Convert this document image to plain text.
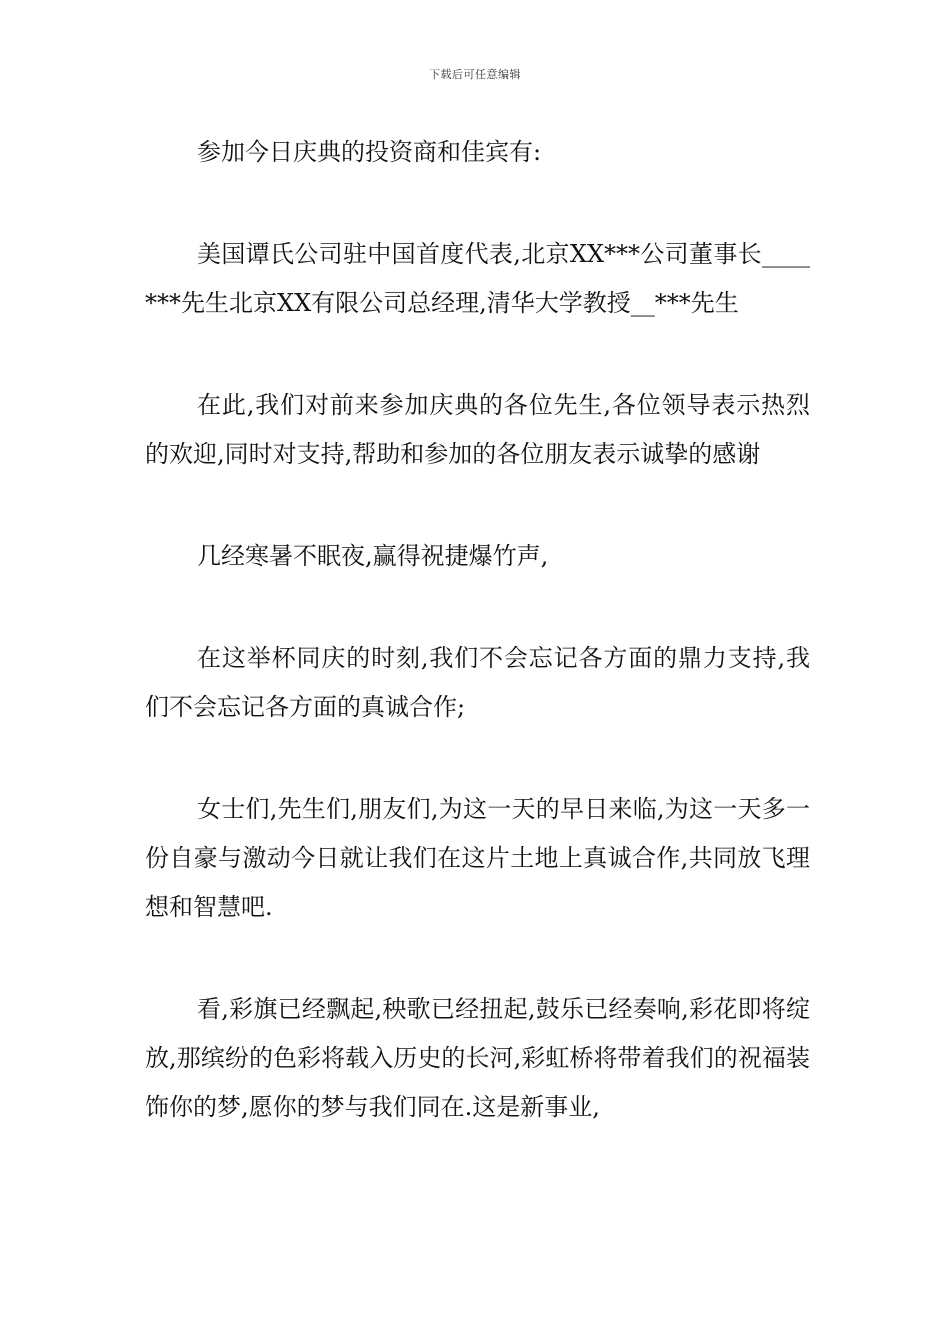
下载后可任意编辑

参加今日庆典的投资商和佳宾有:

美国谭氏公司驻中国首度代表,北京XX***公司董事长____***先生北京XX有限公司总经理,清华大学教授__***先生

在此,我们对前来参加庆典的各位先生,各位领导表示热烈的欢迎,同时对支持,帮助和参加的各位朋友表示诚挚的感谢

几经寒暑不眠夜,赢得祝捷爆竹声,

在这举杯同庆的时刻,我们不会忘记各方面的鼎力支持,我们不会忘记各方面的真诚合作;

女士们,先生们,朋友们,为这一天的早日来临,为这一天多一份自豪与激动今日就让我们在这片土地上真诚合作,共同放飞理想和智慧吧.

看,彩旗已经飘起,秧歌已经扭起,鼓乐已经奏响,彩花即将绽放,那缤纷的色彩将载入历史的长河,彩虹桥将带着我们的祝福装饰你的梦,愿你的梦与我们同在.这是新事业,
